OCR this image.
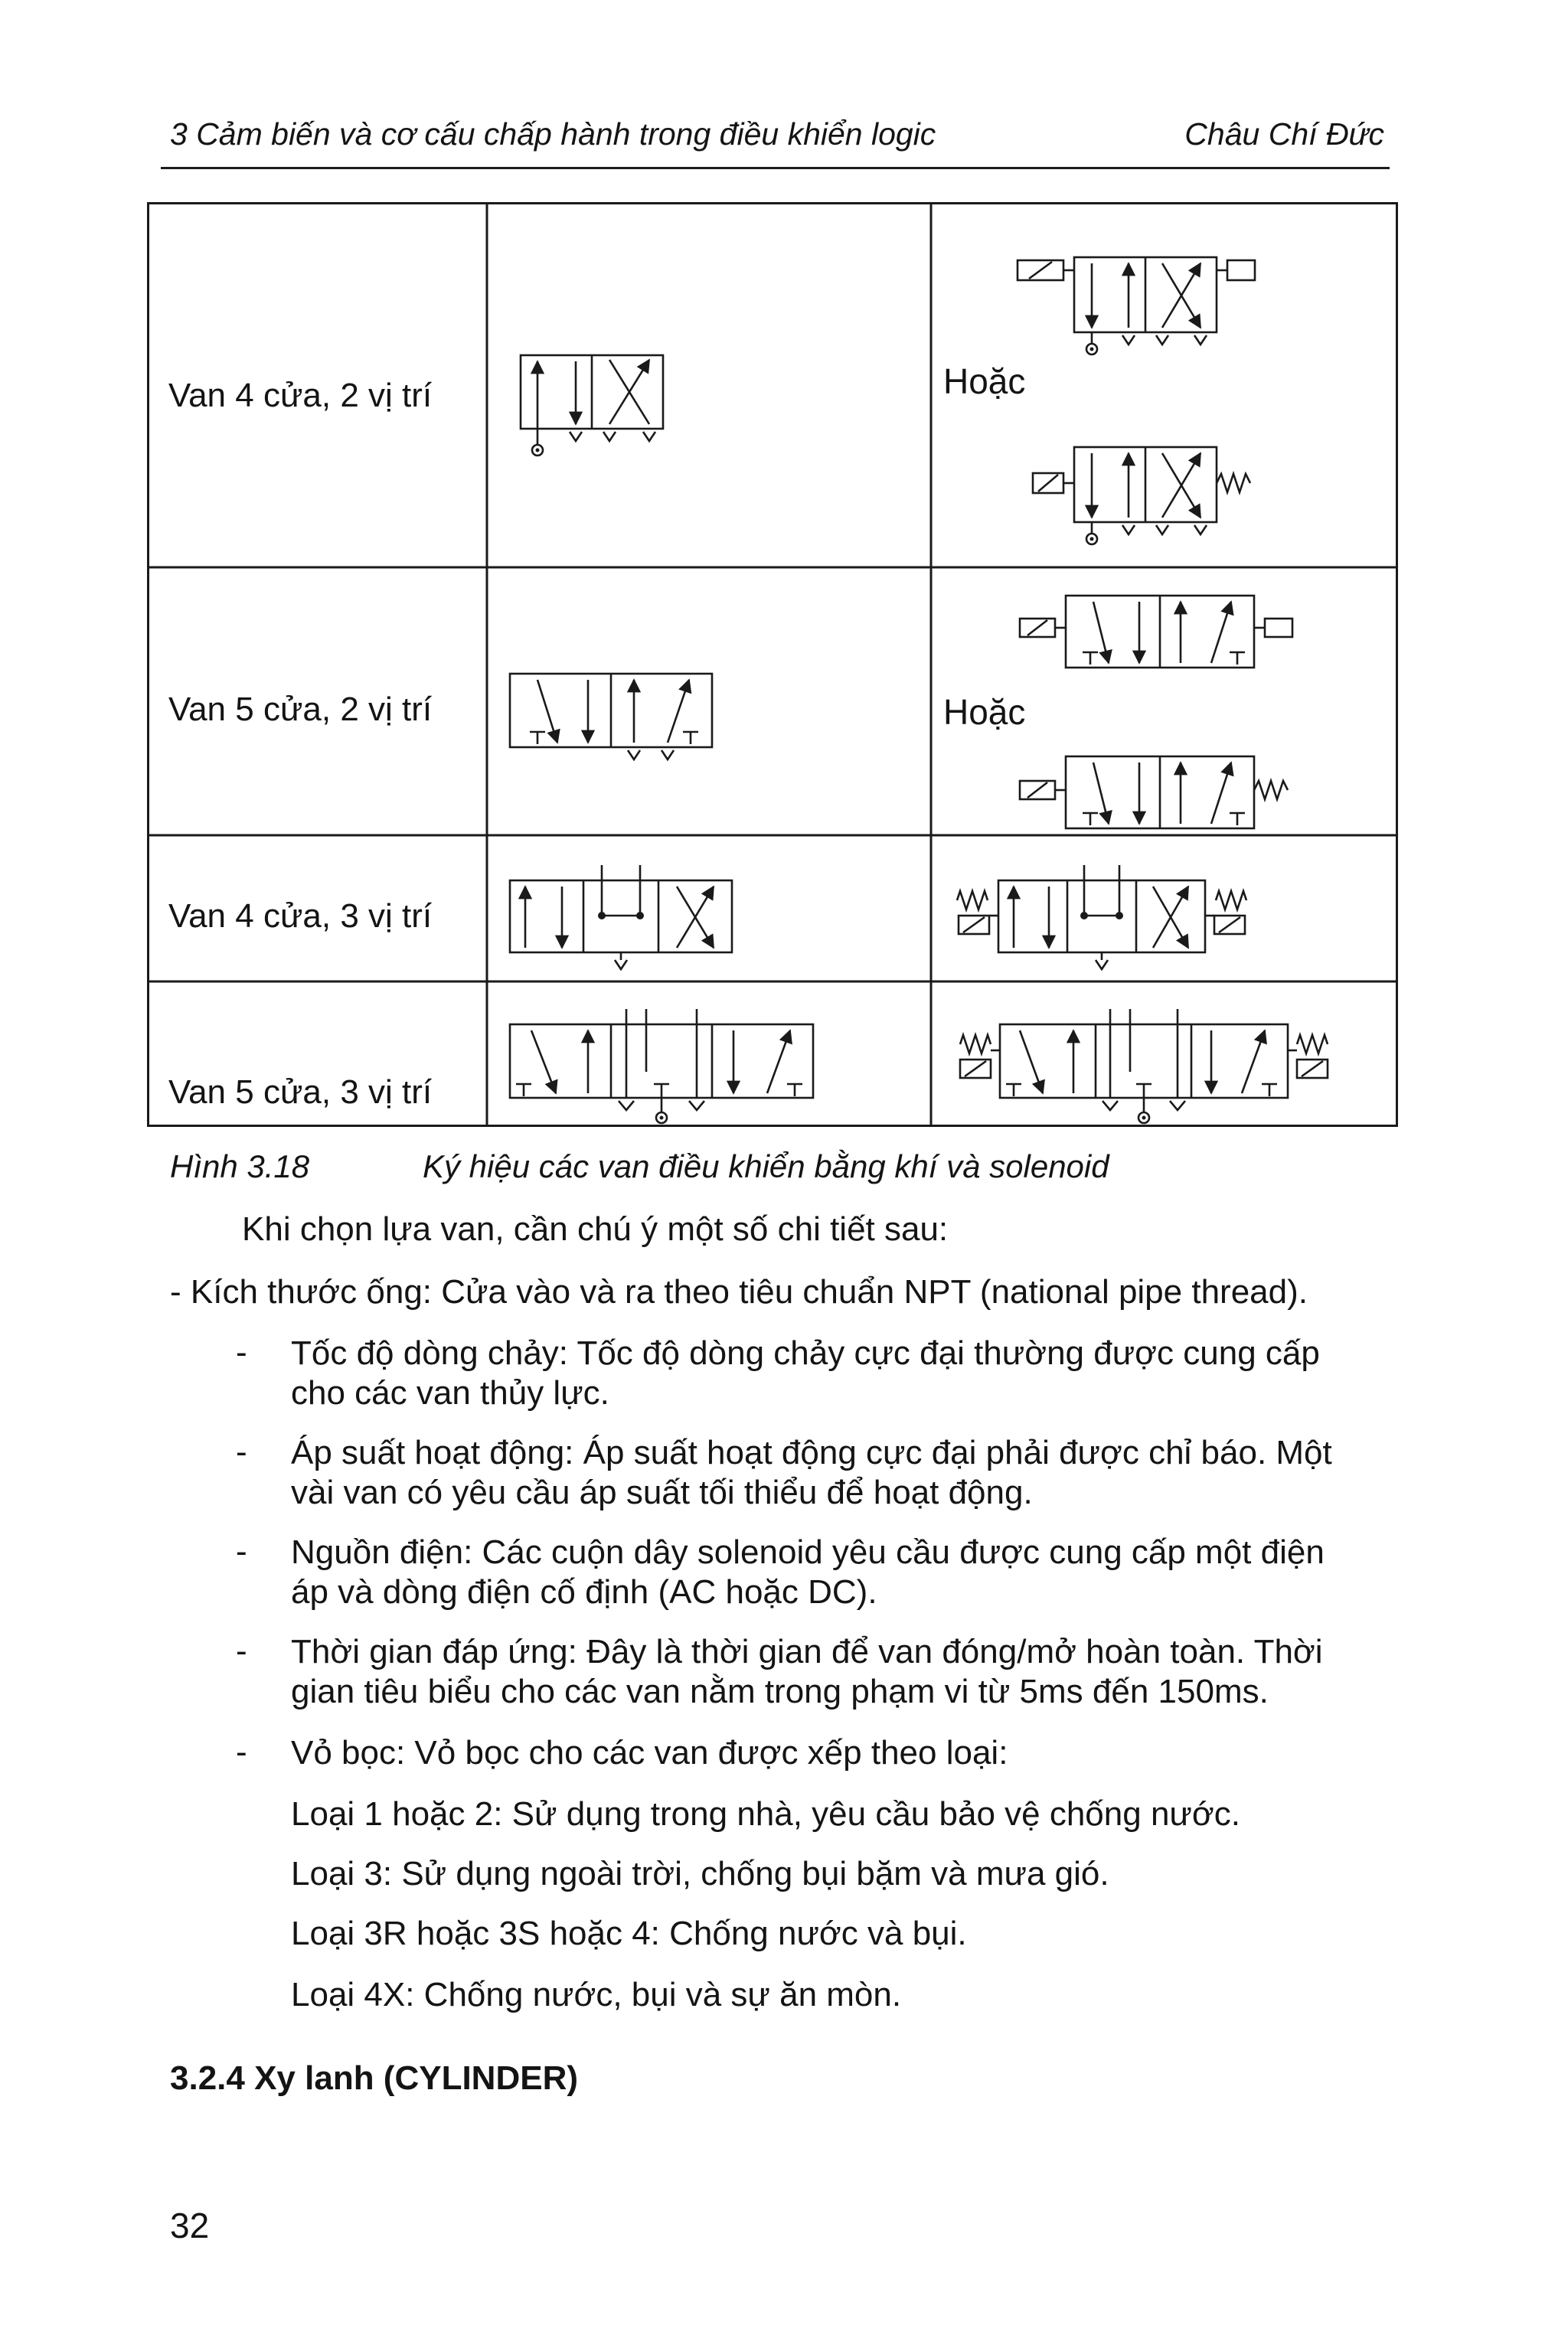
3 Cảm biến và cơ cấu chấp hành trong điều khiển logic	Châu Chí Đức
Hoặc
Hoặc
Van 4 cửa, 2 vị trí
Van 5 cửa, 2 vị trí
Van 4 cửa, 3 vị trí
Van 5 cửa, 3 vị trí
Hình 3.18	Ký hiệu các van điều khiển bằng khí và solenoid
Khi chọn lựa van, cần chú ý một số chi tiết sau:
- Kích thước ống: Cửa vào và ra theo tiêu chuẩn NPT (national pipe thread).
- Tốc độ dòng chảy: Tốc độ dòng chảy cực đại thường được cung cấp
cho các van thủy lực.
- Áp suất hoạt động: Áp suất hoạt động cực đại phải được chỉ báo. Một
vài van có yêu cầu áp suất tối thiểu để hoạt động.
- Nguồn điện: Các cuộn dây solenoid yêu cầu được cung cấp một điện
áp và dòng điện cố định (AC hoặc DC).
- Thời gian đáp ứng: Đây là thời gian để van đóng/mở hoàn toàn. Thời
gian tiêu biểu cho các van nằm trong phạm vi từ 5ms đến 150ms.
- Vỏ bọc: Vỏ bọc cho các van được xếp theo loại:
Loại 1 hoặc 2: Sử dụng trong nhà, yêu cầu bảo vệ chống nước.
Loại 3: Sử dụng ngoài trời, chống bụi bặm và mưa gió.
Loại 3R hoặc 3S hoặc 4: Chống nước và bụi.
Loại 4X: Chống nước, bụi và sự ăn mòn.
3.2.4 Xy lanh (CYLINDER)
32
